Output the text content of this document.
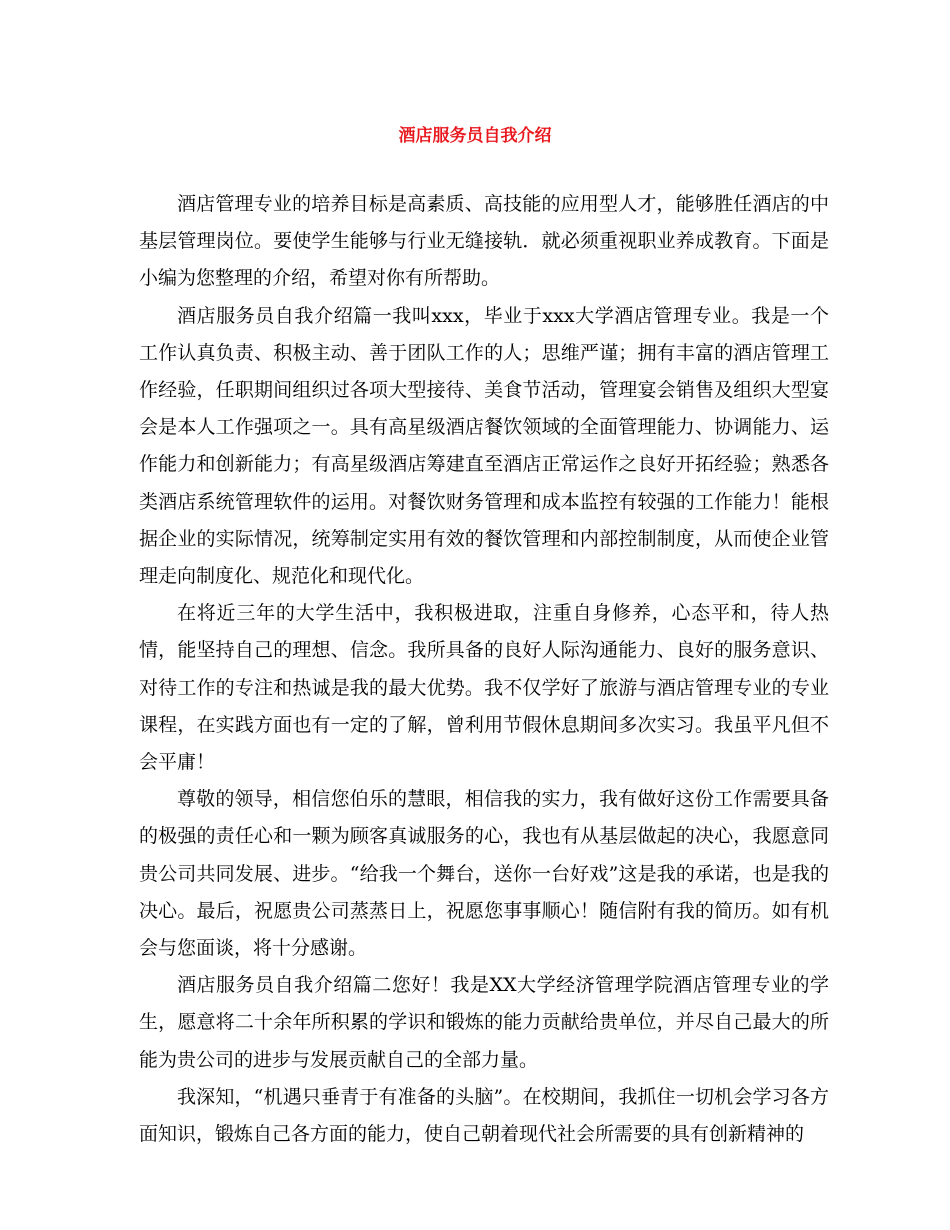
酒店服务员自我介绍

酒店管理专业的培养目标是高素质、高技能的应用型人才，能够胜任酒店的中基层管理岗位。要使学生能够与行业无缝接轨．就必须重视职业养成教育。下面是小编为您整理的介绍，希望对你有所帮助。

酒店服务员自我介绍篇一我叫xxx，毕业于xxx大学酒店管理专业。我是一个工作认真负责、积极主动、善于团队工作的人；思维严谨；拥有丰富的酒店管理工作经验，任职期间组织过各项大型接待、美食节活动，管理宴会销售及组织大型宴会是本人工作强项之一。具有高星级酒店餐饮领域的全面管理能力、协调能力、运作能力和创新能力；有高星级酒店筹建直至酒店正常运作之良好开拓经验；熟悉各类酒店系统管理软件的运用。对餐饮财务管理和成本监控有较强的工作能力！能根据企业的实际情况，统筹制定实用有效的餐饮管理和内部控制制度，从而使企业管理走向制度化、规范化和现代化。

在将近三年的大学生活中，我积极进取，注重自身修养，心态平和，待人热情，能坚持自己的理想、信念。我所具备的良好人际沟通能力、良好的服务意识、对待工作的专注和热诚是我的最大优势。我不仅学好了旅游与酒店管理专业的专业课程，在实践方面也有一定的了解，曾利用节假休息期间多次实习。我虽平凡但不会平庸！

尊敬的领导，相信您伯乐的慧眼，相信我的实力，我有做好这份工作需要具备的极强的责任心和一颗为顾客真诚服务的心，我也有从基层做起的决心，我愿意同贵公司共同发展、进步。“给我一个舞台，送你一台好戏”这是我的承诺，也是我的决心。最后，祝愿贵公司蒸蒸日上，祝愿您事事顺心！随信附有我的简历。如有机会与您面谈，将十分感谢。

酒店服务员自我介绍篇二您好！我是XX大学经济管理学院酒店管理专业的学生，愿意将二十余年所积累的学识和锻炼的能力贡献给贵单位，并尽自己最大的所能为贵公司的进步与发展贡献自己的全部力量。

我深知，“机遇只垂青于有准备的头脑”。在校期间，我抓住一切机会学习各方面知识，锻炼自己各方面的能力，使自己朝着现代社会所需要的具有创新精神的
